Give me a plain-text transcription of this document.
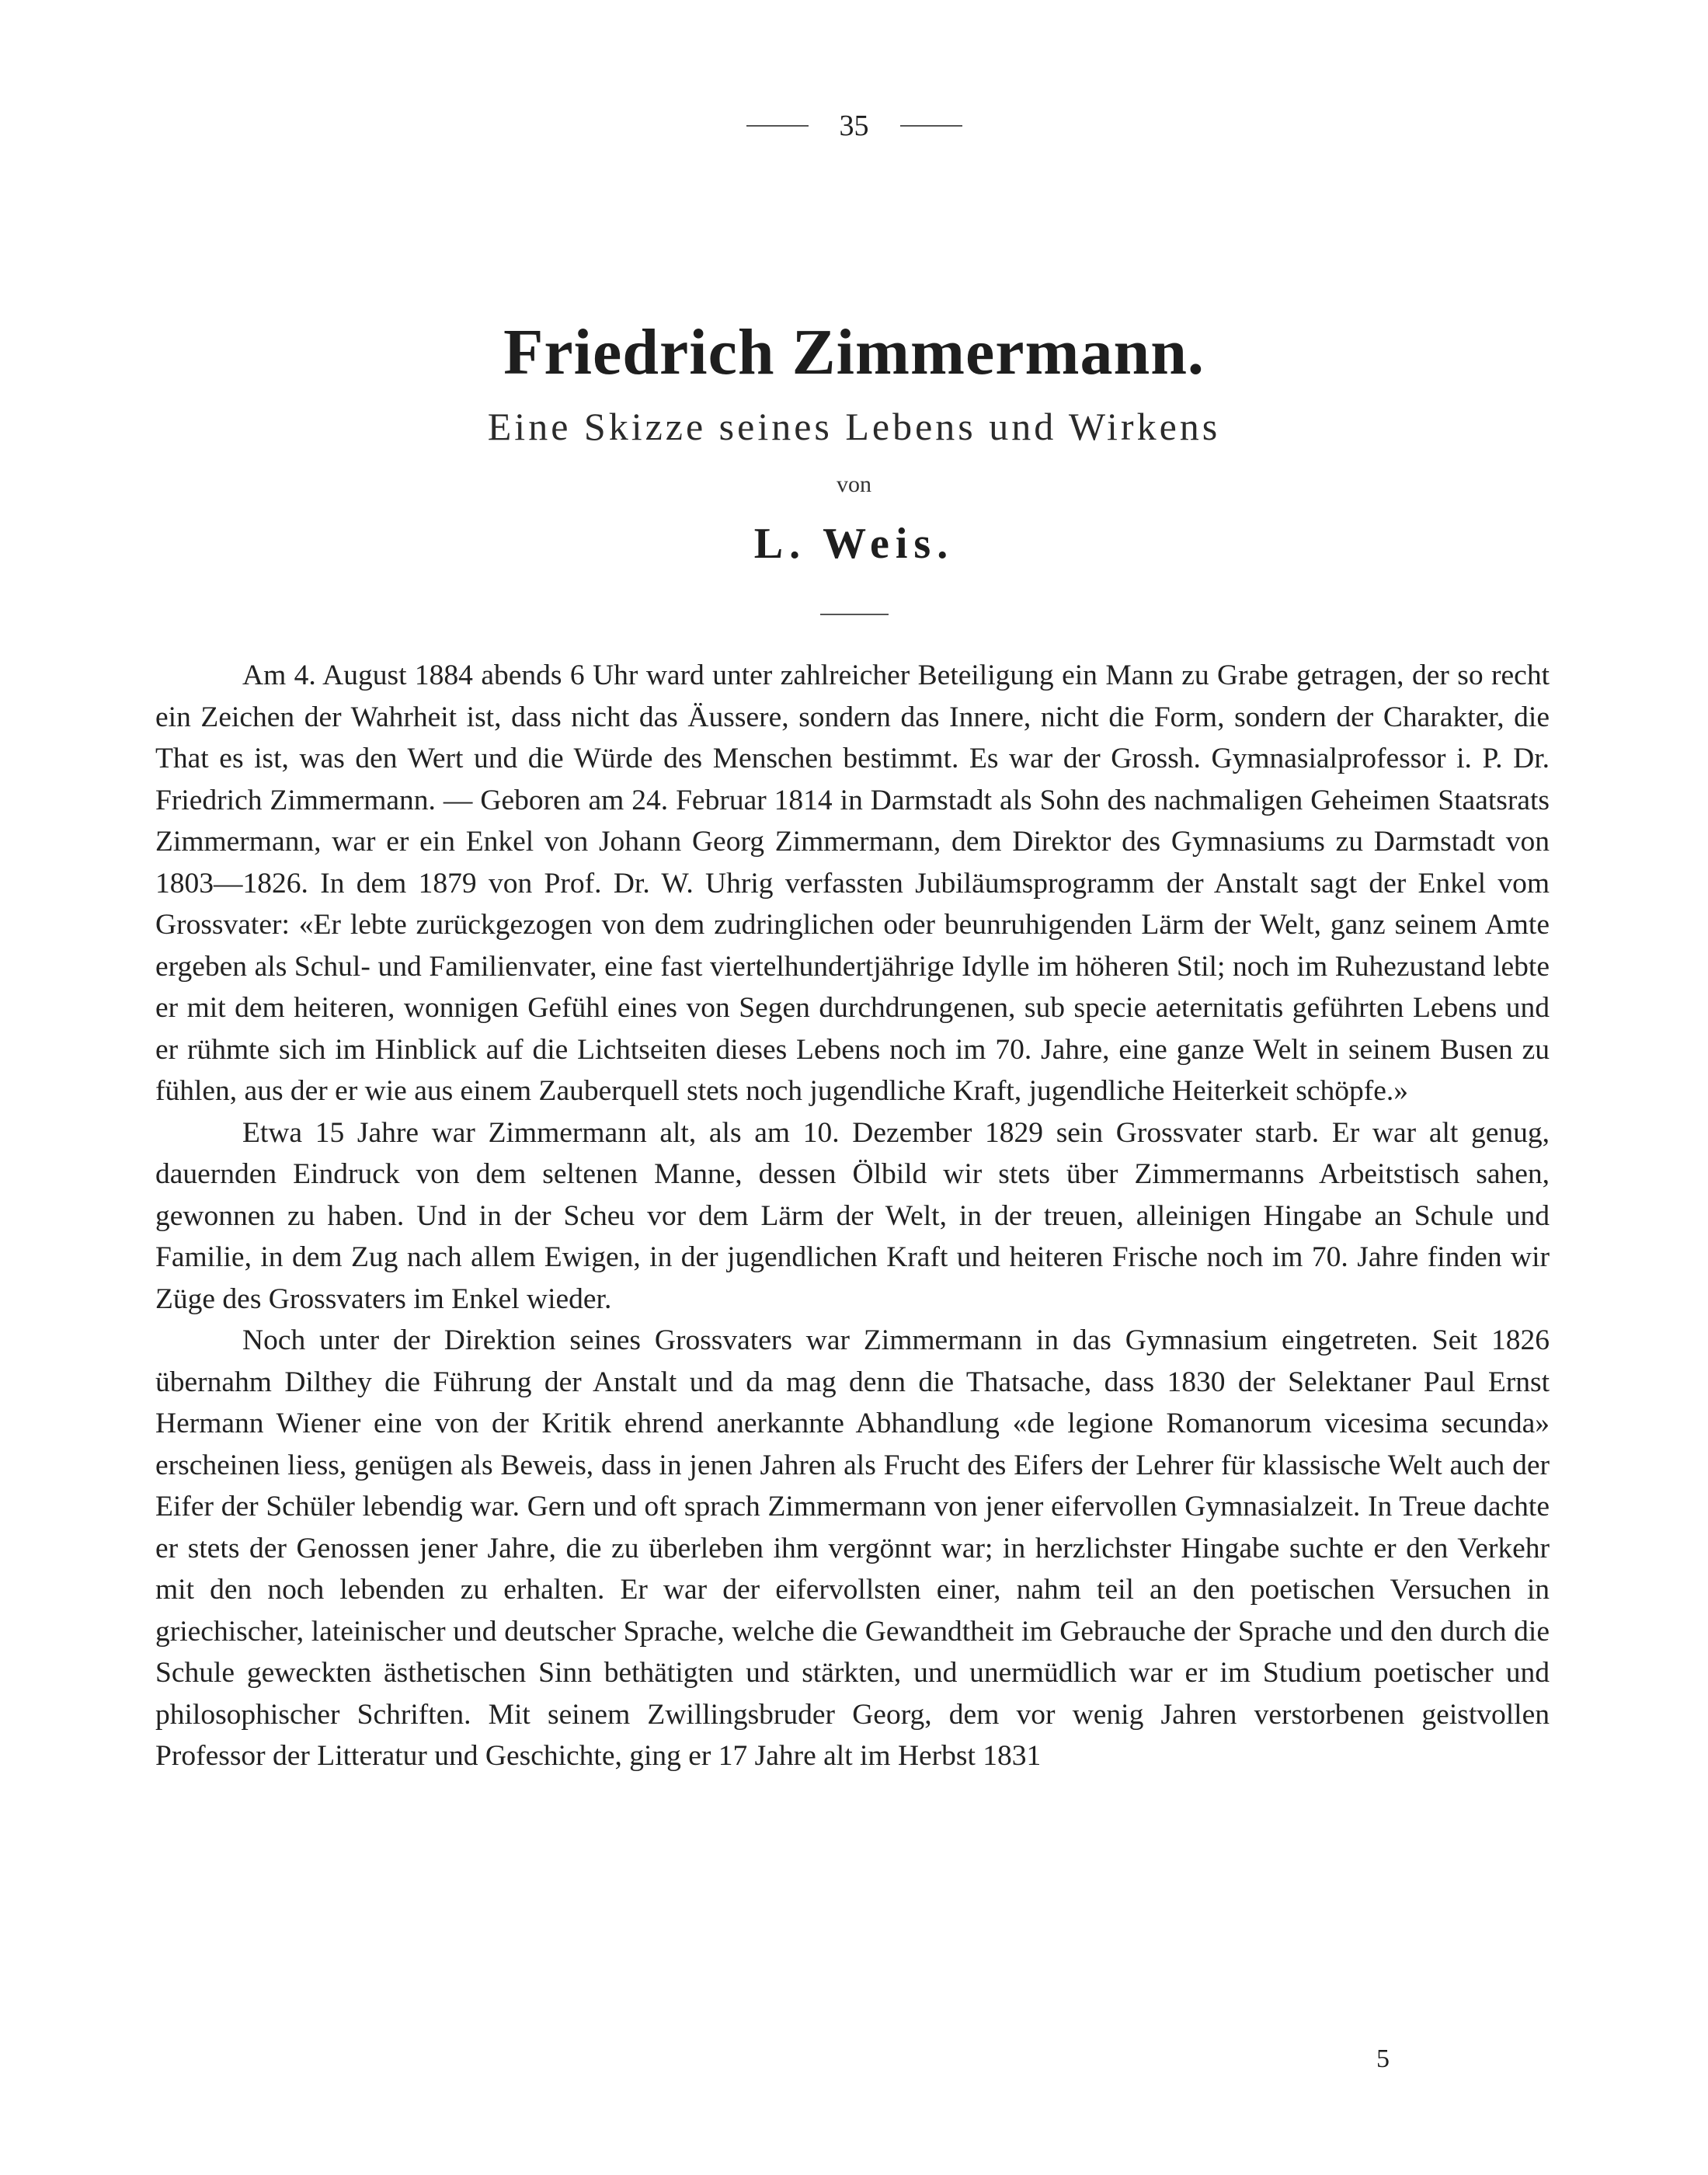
35
Friedrich Zimmermann.
Eine Skizze seines Lebens und Wirkens
von
L. Weis.

Am 4. August 1884 abends 6 Uhr ward unter zahlreicher Beteiligung ein Mann zu Grabe getragen, der so recht ein Zeichen der Wahrheit ist, dass nicht das Äussere, sondern das Innere, nicht die Form, sondern der Charakter, die That es ist, was den Wert und die Würde des Menschen bestimmt. Es war der Grossh. Gymnasialprofessor i. P. Dr. Friedrich Zimmermann. — Geboren am 24. Februar 1814 in Darmstadt als Sohn des nachmaligen Geheimen Staatsrats Zimmermann, war er ein Enkel von Johann Georg Zimmermann, dem Direktor des Gymnasiums zu Darmstadt von 1803—1826. In dem 1879 von Prof. Dr. W. Uhrig verfassten Jubiläumsprogramm der Anstalt sagt der Enkel vom Grossvater: «Er lebte zurückgezogen von dem zudringlichen oder beunruhigenden Lärm der Welt, ganz seinem Amte ergeben als Schul- und Familienvater, eine fast viertelhundertjährige Idylle im höheren Stil; noch im Ruhezustand lebte er mit dem heiteren, wonnigen Gefühl eines von Segen durchdrungenen, sub specie aeternitatis geführten Lebens und er rühmte sich im Hinblick auf die Lichtseiten dieses Lebens noch im 70. Jahre, eine ganze Welt in seinem Busen zu fühlen, aus der er wie aus einem Zauberquell stets noch jugendliche Kraft, jugendliche Heiterkeit schöpfe.»

Etwa 15 Jahre war Zimmermann alt, als am 10. Dezember 1829 sein Grossvater starb. Er war alt genug, dauernden Eindruck von dem seltenen Manne, dessen Ölbild wir stets über Zimmermanns Arbeitstisch sahen, gewonnen zu haben. Und in der Scheu vor dem Lärm der Welt, in der treuen, alleinigen Hingabe an Schule und Familie, in dem Zug nach allem Ewigen, in der jugendlichen Kraft und heiteren Frische noch im 70. Jahre finden wir Züge des Grossvaters im Enkel wieder.

Noch unter der Direktion seines Grossvaters war Zimmermann in das Gymnasium eingetreten. Seit 1826 übernahm Dilthey die Führung der Anstalt und da mag denn die Thatsache, dass 1830 der Selektaner Paul Ernst Hermann Wiener eine von der Kritik ehrend anerkannte Abhandlung «de legione Romanorum vicesima secunda» erscheinen liess, genügen als Beweis, dass in jenen Jahren als Frucht des Eifers der Lehrer für klassische Welt auch der Eifer der Schüler lebendig war. Gern und oft sprach Zimmermann von jener eifervollen Gymnasialzeit. In Treue dachte er stets der Genossen jener Jahre, die zu überleben ihm vergönnt war; in herzlichster Hingabe suchte er den Verkehr mit den noch lebenden zu erhalten. Er war der eifervollsten einer, nahm teil an den poetischen Versuchen in griechischer, lateinischer und deutscher Sprache, welche die Gewandtheit im Gebrauche der Sprache und den durch die Schule geweckten ästhetischen Sinn bethätigten und stärkten, und unermüdlich war er im Studium poetischer und philosophischer Schriften. Mit seinem Zwillingsbruder Georg, dem vor wenig Jahren verstorbenen geistvollen Professor der Litteratur und Geschichte, ging er 17 Jahre alt im Herbst 1831

5
